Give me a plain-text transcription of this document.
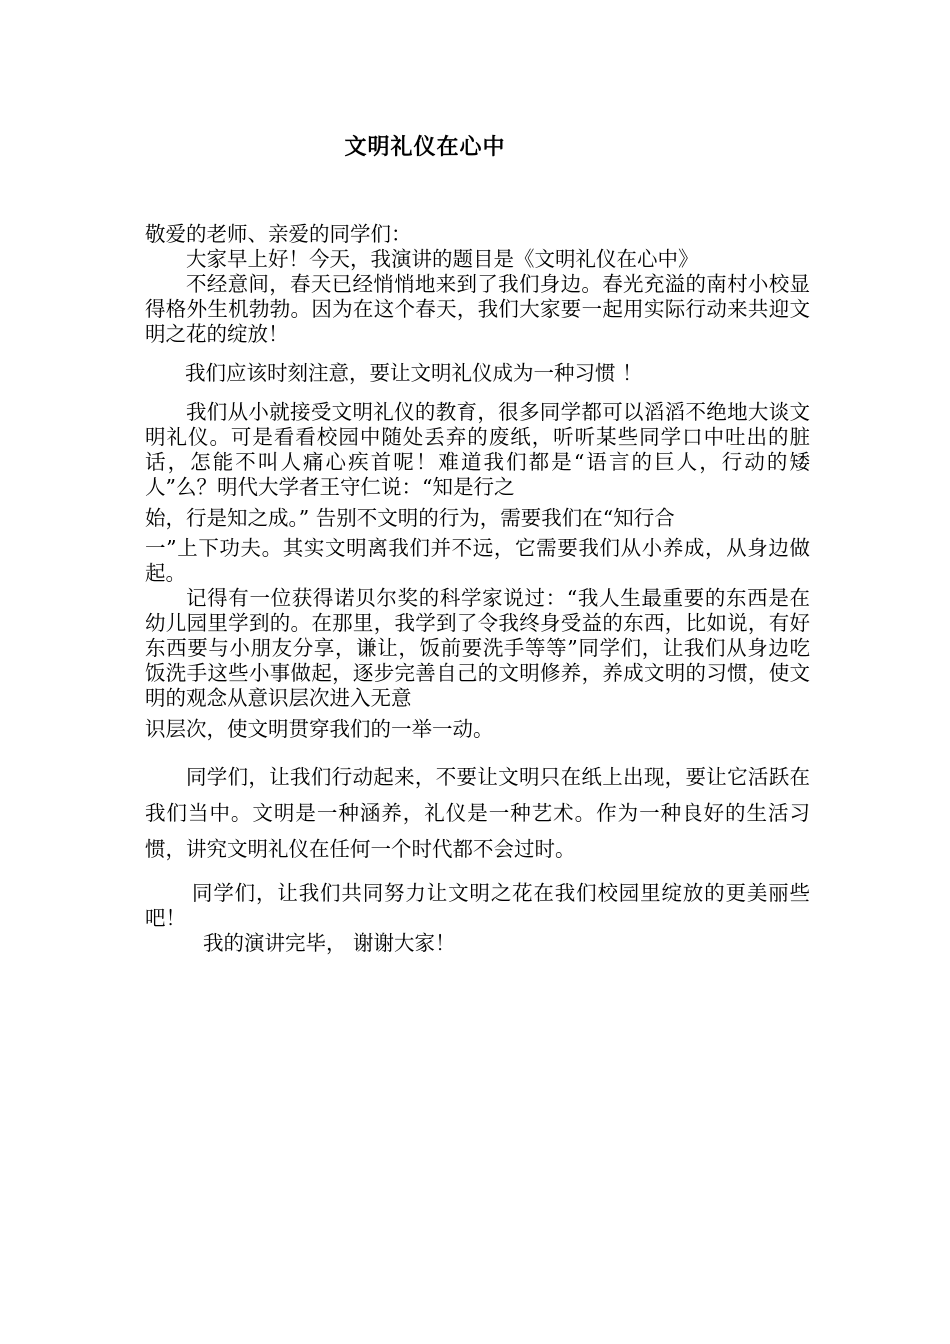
文明礼仪在心中

敬爱的老师、亲爱的同学们：

大家早上好！今天，我演讲的题目是《文明礼仪在心中》

不经意间，春天已经悄悄地来到了我们身边。春光充溢的南村小校显得格外生机勃勃。因为在这个春天，我们大家要一起用实际行动来共迎文明之花的绽放！

我们应该时刻注意，要让文明礼仪成为一种习惯 ！

我们从小就接受文明礼仪的教育，很多同学都可以滔滔不绝地大谈文明礼仪。可是看看校园中随处丢弃的废纸，听听某些同学口中吐出的脏话，怎能不叫人痛心疾首呢！难道我们都是“语言的巨人，行动的矮人”么？明代大学者王守仁说：“知是行之

始，行是知之成。” 告别不文明的行为，需要我们在“知行合

一”上下功夫。其实文明离我们并不远，它需要我们从小养成，从身边做起。

记得有一位获得诺贝尔奖的科学家说过：“我人生最重要的东西是在幼儿园里学到的。在那里，我学到了令我终身受益的东西，比如说，有好东西要与小朋友分享，谦让，饭前要洗手等等”同学们，让我们从身边吃饭洗手这些小事做起，逐步完善自己的文明修养，养成文明的习惯，使文明的观念从意识层次进入无意

识层次，使文明贯穿我们的一举一动。

同学们，让我们行动起来，不要让文明只在纸上出现，要让它活跃在我们当中。文明是一种涵养，礼仪是一种艺术。作为一种良好的生活习惯，讲究文明礼仪在任何一个时代都不会过时。

同学们，让我们共同努力让文明之花在我们校园里绽放的更美丽些吧！

我的演讲完毕， 谢谢大家！
